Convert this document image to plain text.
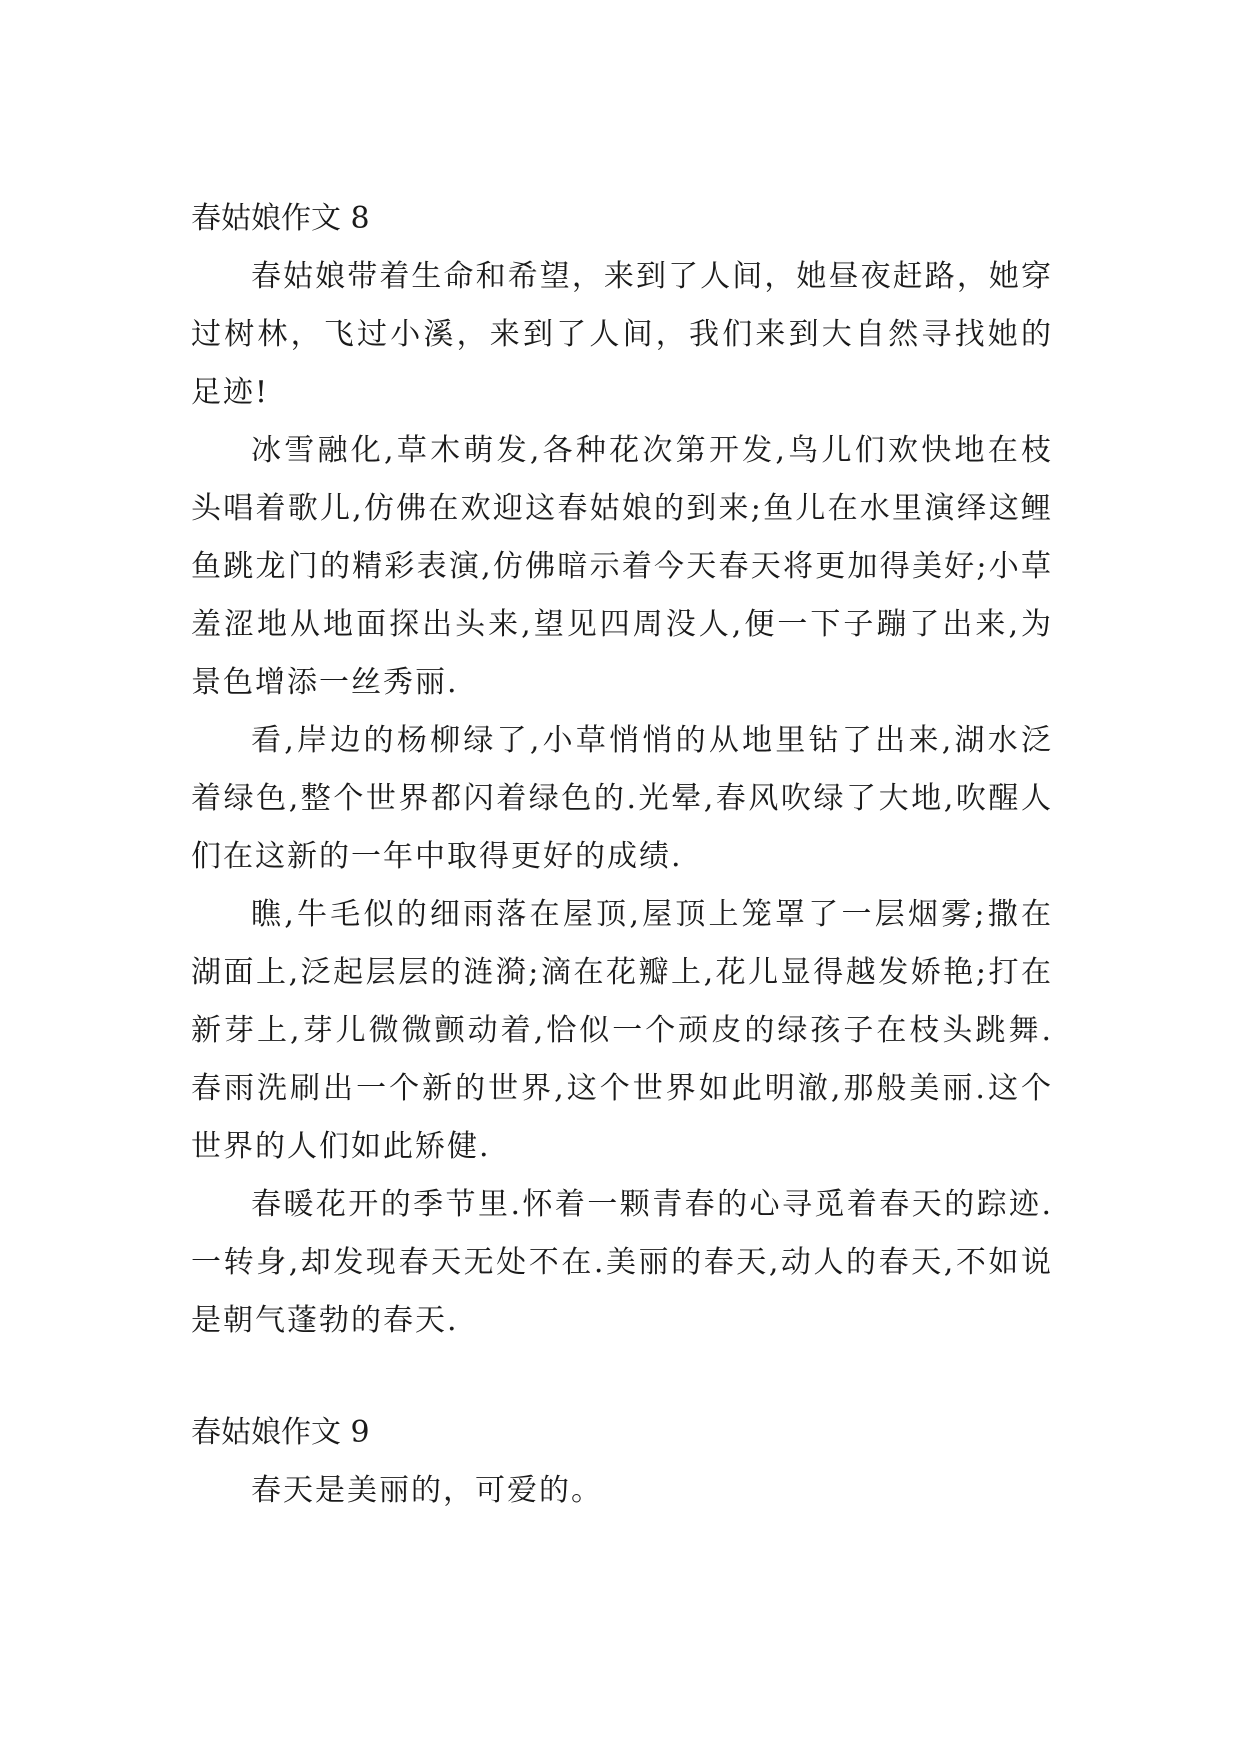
春姑娘作文 8

春姑娘带着生命和希望，来到了人间，她昼夜赶路，她穿过树林，飞过小溪，来到了人间，我们来到大自然寻找她的足迹!

冰雪融化,草木萌发,各种花次第开发,鸟儿们欢快地在枝头唱着歌儿,仿佛在欢迎这春姑娘的到来;鱼儿在水里演绎这鲤鱼跳龙门的精彩表演,仿佛暗示着今天春天将更加得美好;小草羞涩地从地面探出头来,望见四周没人,便一下子蹦了出来,为景色增添一丝秀丽.

看,岸边的杨柳绿了,小草悄悄的从地里钻了出来,湖水泛着绿色,整个世界都闪着绿色的.光晕,春风吹绿了大地,吹醒人们在这新的一年中取得更好的成绩.

瞧,牛毛似的细雨落在屋顶,屋顶上笼罩了一层烟雾;撒在湖面上,泛起层层的涟漪;滴在花瓣上,花儿显得越发娇艳;打在新芽上,芽儿微微颤动着,恰似一个顽皮的绿孩子在枝头跳舞.春雨洗刷出一个新的世界,这个世界如此明澈,那般美丽.这个世界的人们如此矫健.

春暖花开的季节里.怀着一颗青春的心寻觅着春天的踪迹.一转身,却发现春天无处不在.美丽的春天,动人的春天,不如说是朝气蓬勃的春天.

春姑娘作文 9

春天是美丽的，可爱的。
